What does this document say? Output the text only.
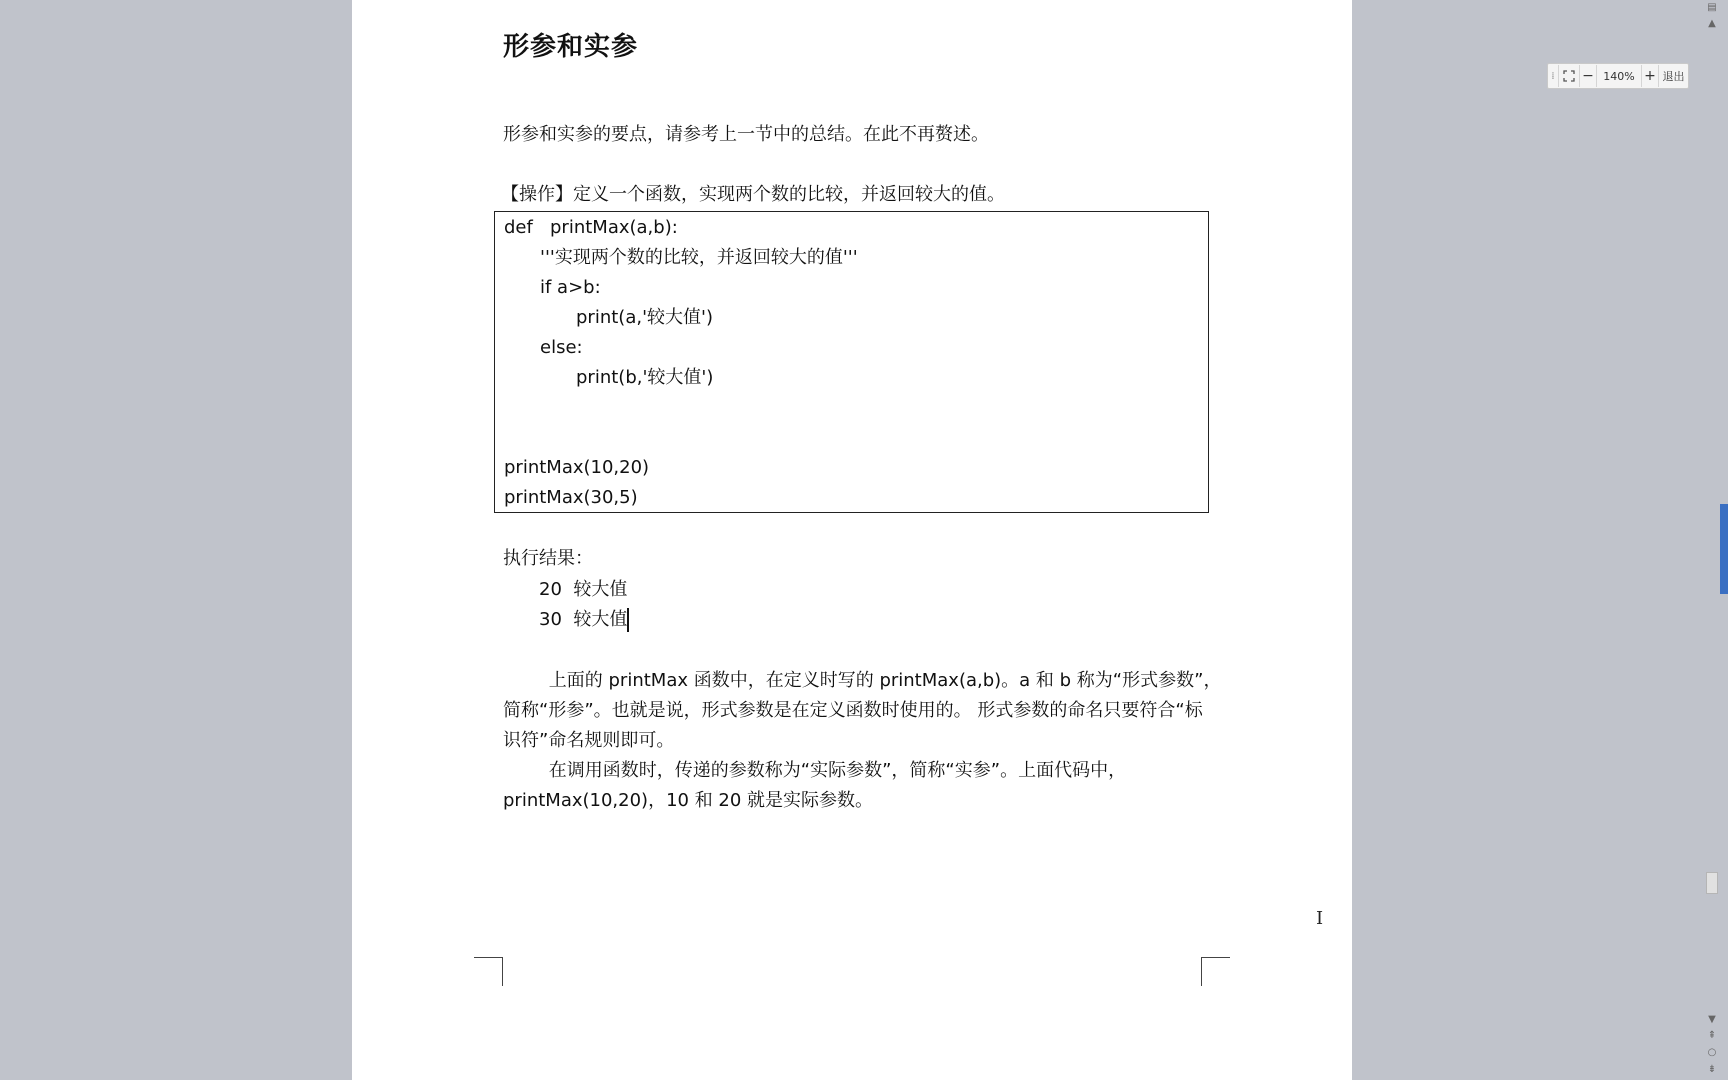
形参和实参
形参和实参的要点，请参考上一节中的总结。在此不再赘述。
【操作】定义一个函数，实现两个数的比较，并返回较大的值。
执行结果：
20  较大值
30  较大值
上面的 printMax 函数中，在定义时写的 printMax(a,b)。a 和 b 称为“形式参数”，
简称“形参”。也就是说，形式参数是在定义函数时使用的。 形式参数的命名只要符合“标
识符”命名规则即可。
在调用函数时，传递的参数称为“实际参数”，简称“实参”。上面代码中，
printMax(10,20)，10 和 20 就是实际参数。
def   printMax(a,b):
'''实现两个数的比较，并返回较大的值'''
if a>b:
print(a,'较大值')
else:
print(b,'较大值')
printMax(10,20)
printMax(30,5)
⁞	− 140% + 退出
▤
▲
▼
⇞
○
⇟
I
